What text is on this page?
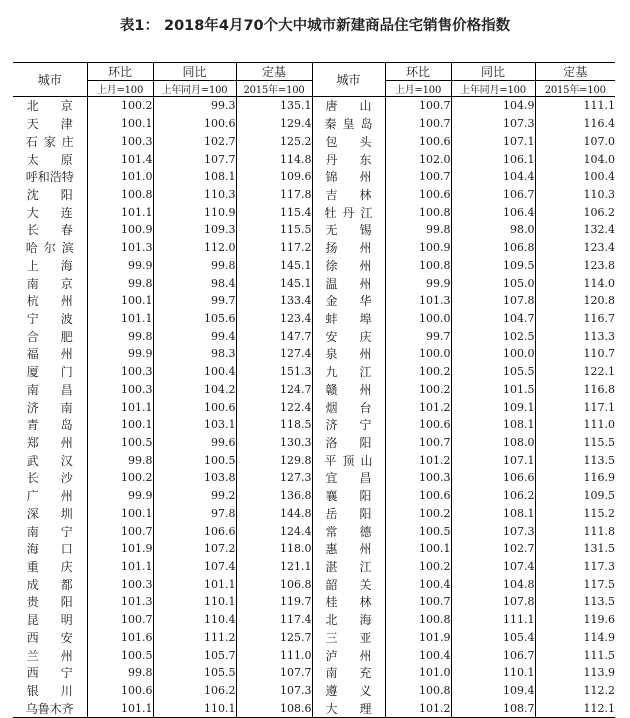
表1： 2018年4月70个大中城市新建商品住宅销售价格指数
城市	环比	同比	定基	城市	环比	同比	定基
	上月=100	上年同月=100	2015年=100		上月=100	上年同月=100	2015年=100

北 京	100.2	99.3	135.1	唐 山	100.7	104.9	111.1

天 津	100.1	100.6	129.4	秦 皇 岛	100.7	107.3	116.4

石 家 庄	100.3	102.7	125.2	包 头	100.6	107.1	107.0

太 原	101.4	107.7	114.8	丹 东	102.0	106.1	104.0
呼和浩特	101.0	108.1	109.6	锦 州	100.7	104.4	100.4

沈 阳	100.8	110.3	117.8	吉 林	100.6	106.7	110.3

大 连	101.1	110.9	115.4	牡 丹 江	100.8	106.4	106.2

长 春	100.9	109.3	115.5	无 锡	99.8	98.0	132.4

哈 尔 滨	101.3	112.0	117.2	扬 州	100.9	106.8	123.4

上 海	99.9	99.8	145.1	徐 州	100.8	109.5	123.8

南 京	99.8	98.4	145.1	温 州	99.9	105.0	114.0

杭 州	100.1	99.7	133.4	金 华	101.3	107.8	120.8

宁 波	101.1	105.6	123.4	蚌 埠	100.0	104.7	116.7

合 肥	99.8	99.4	147.7	安 庆	99.7	102.5	113.3

福 州	99.9	98.3	127.4	泉 州	100.0	100.0	110.7

厦 门	100.3	100.4	151.3	九 江	100.2	105.5	122.1

南 昌	100.3	104.2	124.7	赣 州	100.2	101.5	116.8

济 南	101.1	100.6	122.4	烟 台	101.2	109.1	117.1

青 岛	100.1	103.1	118.5	济 宁	100.6	108.1	111.0

郑 州	100.5	99.6	130.3	洛 阳	100.7	108.0	115.5

武 汉	99.8	100.5	129.8	平 顶 山	101.2	107.1	113.5

长 沙	100.2	103.8	127.3	宜 昌	100.3	106.6	116.9

广 州	99.9	99.2	136.8	襄 阳	100.6	106.2	109.5

深 圳	100.1	97.8	144.8	岳 阳	100.2	108.1	115.2

南 宁	100.7	106.6	124.4	常 德	100.5	107.3	111.8

海 口	101.9	107.2	118.0	惠 州	100.1	102.7	131.5

重 庆	101.1	107.4	121.1	湛 江	100.2	107.4	117.3

成 都	100.3	101.1	106.8	韶 关	100.4	104.8	117.5

贵 阳	101.3	110.1	119.7	桂 林	100.7	107.8	113.5

昆 明	100.7	110.4	117.4	北 海	100.8	111.1	119.6

西 安	101.6	111.2	125.7	三 亚	101.9	105.4	114.9

兰 州	100.5	105.7	111.0	泸 州	100.4	106.7	111.5

西 宁	99.8	105.5	107.7	南 充	101.0	110.1	113.9

银 川	100.6	106.2	107.3	遵 义	100.8	109.4	112.2
乌鲁木齐	101.1	110.1	108.6	大 理	101.2	108.7	112.1
